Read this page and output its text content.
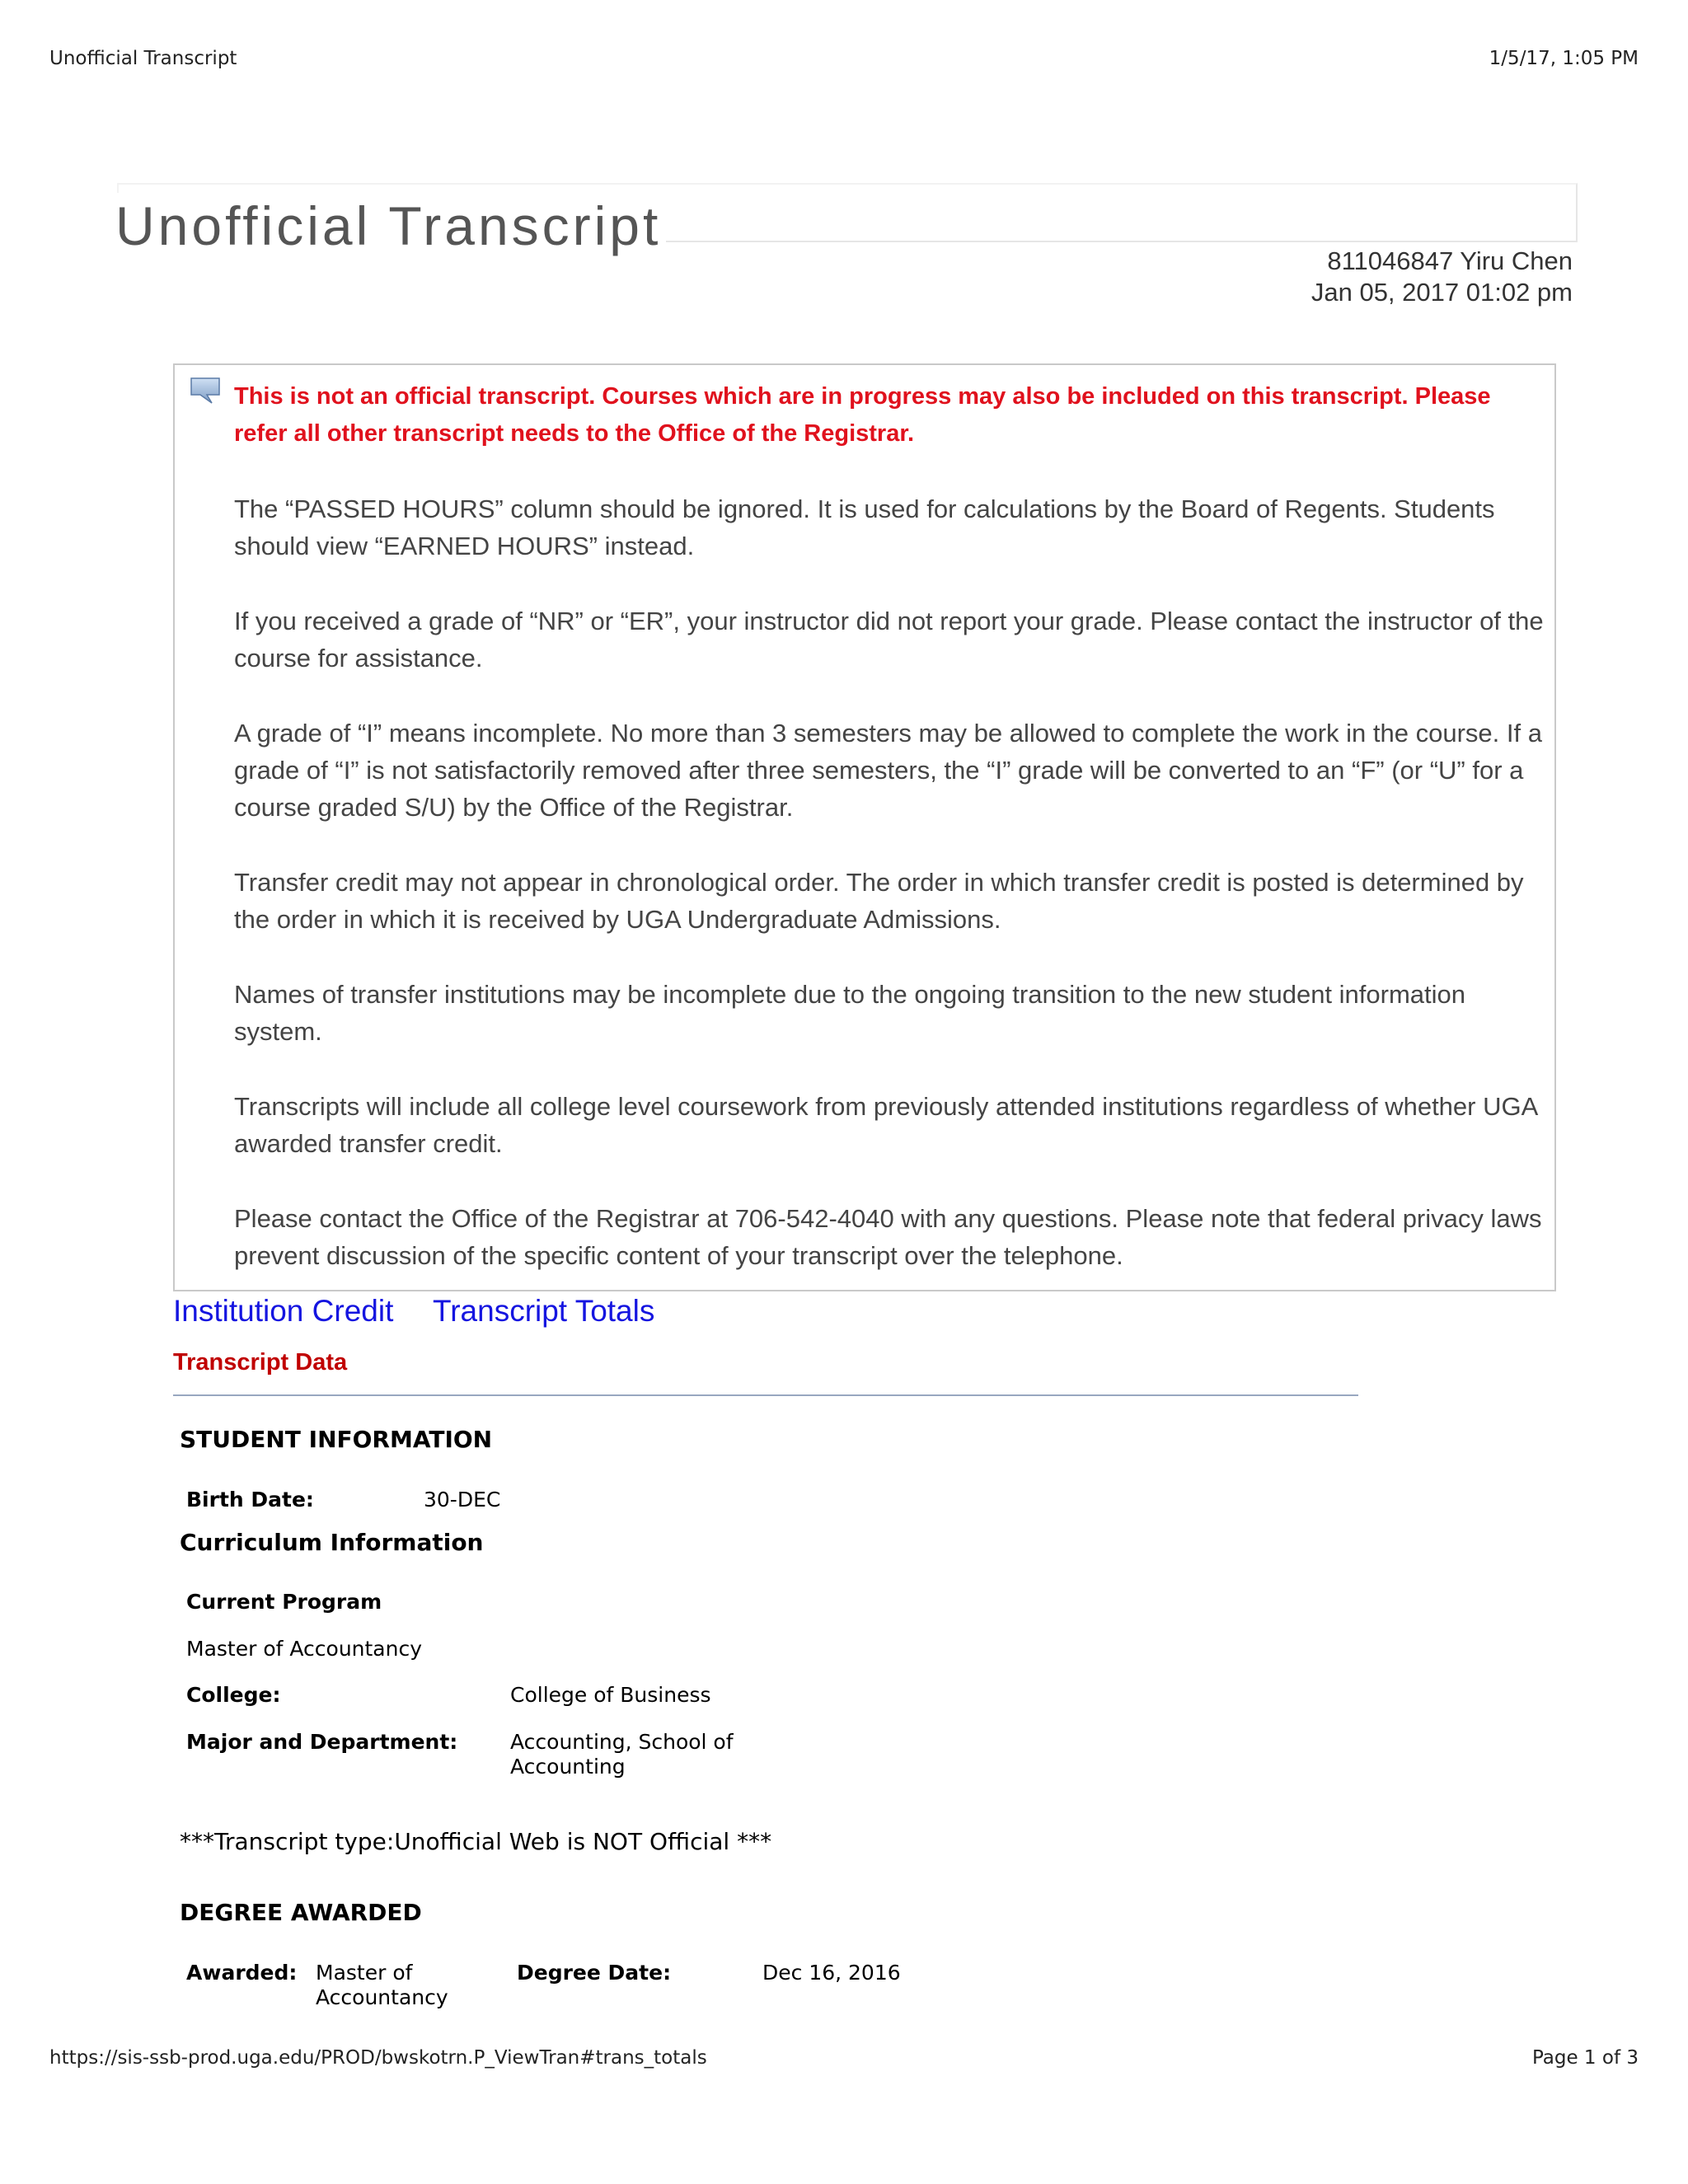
Unofficial Transcript	1/5/17, 1:05 PM
Unofficial Transcript
811046847 Yiru Chen
Jan 05, 2017 01:02 pm

This is not an official transcript. Courses which are in progress may also be included on this transcript. Please refer all other transcript needs to the Office of the Registrar.

The “PASSED HOURS” column should be ignored. It is used for calculations by the Board of Regents. Students should view “EARNED HOURS” instead.

If you received a grade of “NR” or “ER”, your instructor did not report your grade. Please contact the instructor of the course for assistance.

A grade of “I” means incomplete. No more than 3 semesters may be allowed to complete the work in the course. If a grade of “I” is not satisfactorily removed after three semesters, the “I” grade will be converted to an “F” (or “U” for a course graded S/U) by the Office of the Registrar.

Transfer credit may not appear in chronological order. The order in which transfer credit is posted is determined by the order in which it is received by UGA Undergraduate Admissions.

Names of transfer institutions may be incomplete due to the ongoing transition to the new student information system.

Transcripts will include all college level coursework from previously attended institutions regardless of whether UGA awarded transfer credit.

Please contact the Office of the Registrar at 706-542-4040 with any questions. Please note that federal privacy laws prevent discussion of the specific content of your transcript over the telephone.

Institution Credit Transcript Totals
Transcript Data
STUDENT INFORMATION
Birth Date:	30-DEC
Curriculum Information
Current Program
Master of Accountancy
College:	College of Business
Major and Department:	Accounting, School of Accounting
***Transcript type:Unofficial Web is NOT Official ***
DEGREE AWARDED
Awarded: Master of Accountancy
Degree Date:	Dec 16, 2016
https://sis-ssb-prod.uga.edu/PROD/bwskotrn.P_ViewTran#trans_totals	Page 1 of 3
